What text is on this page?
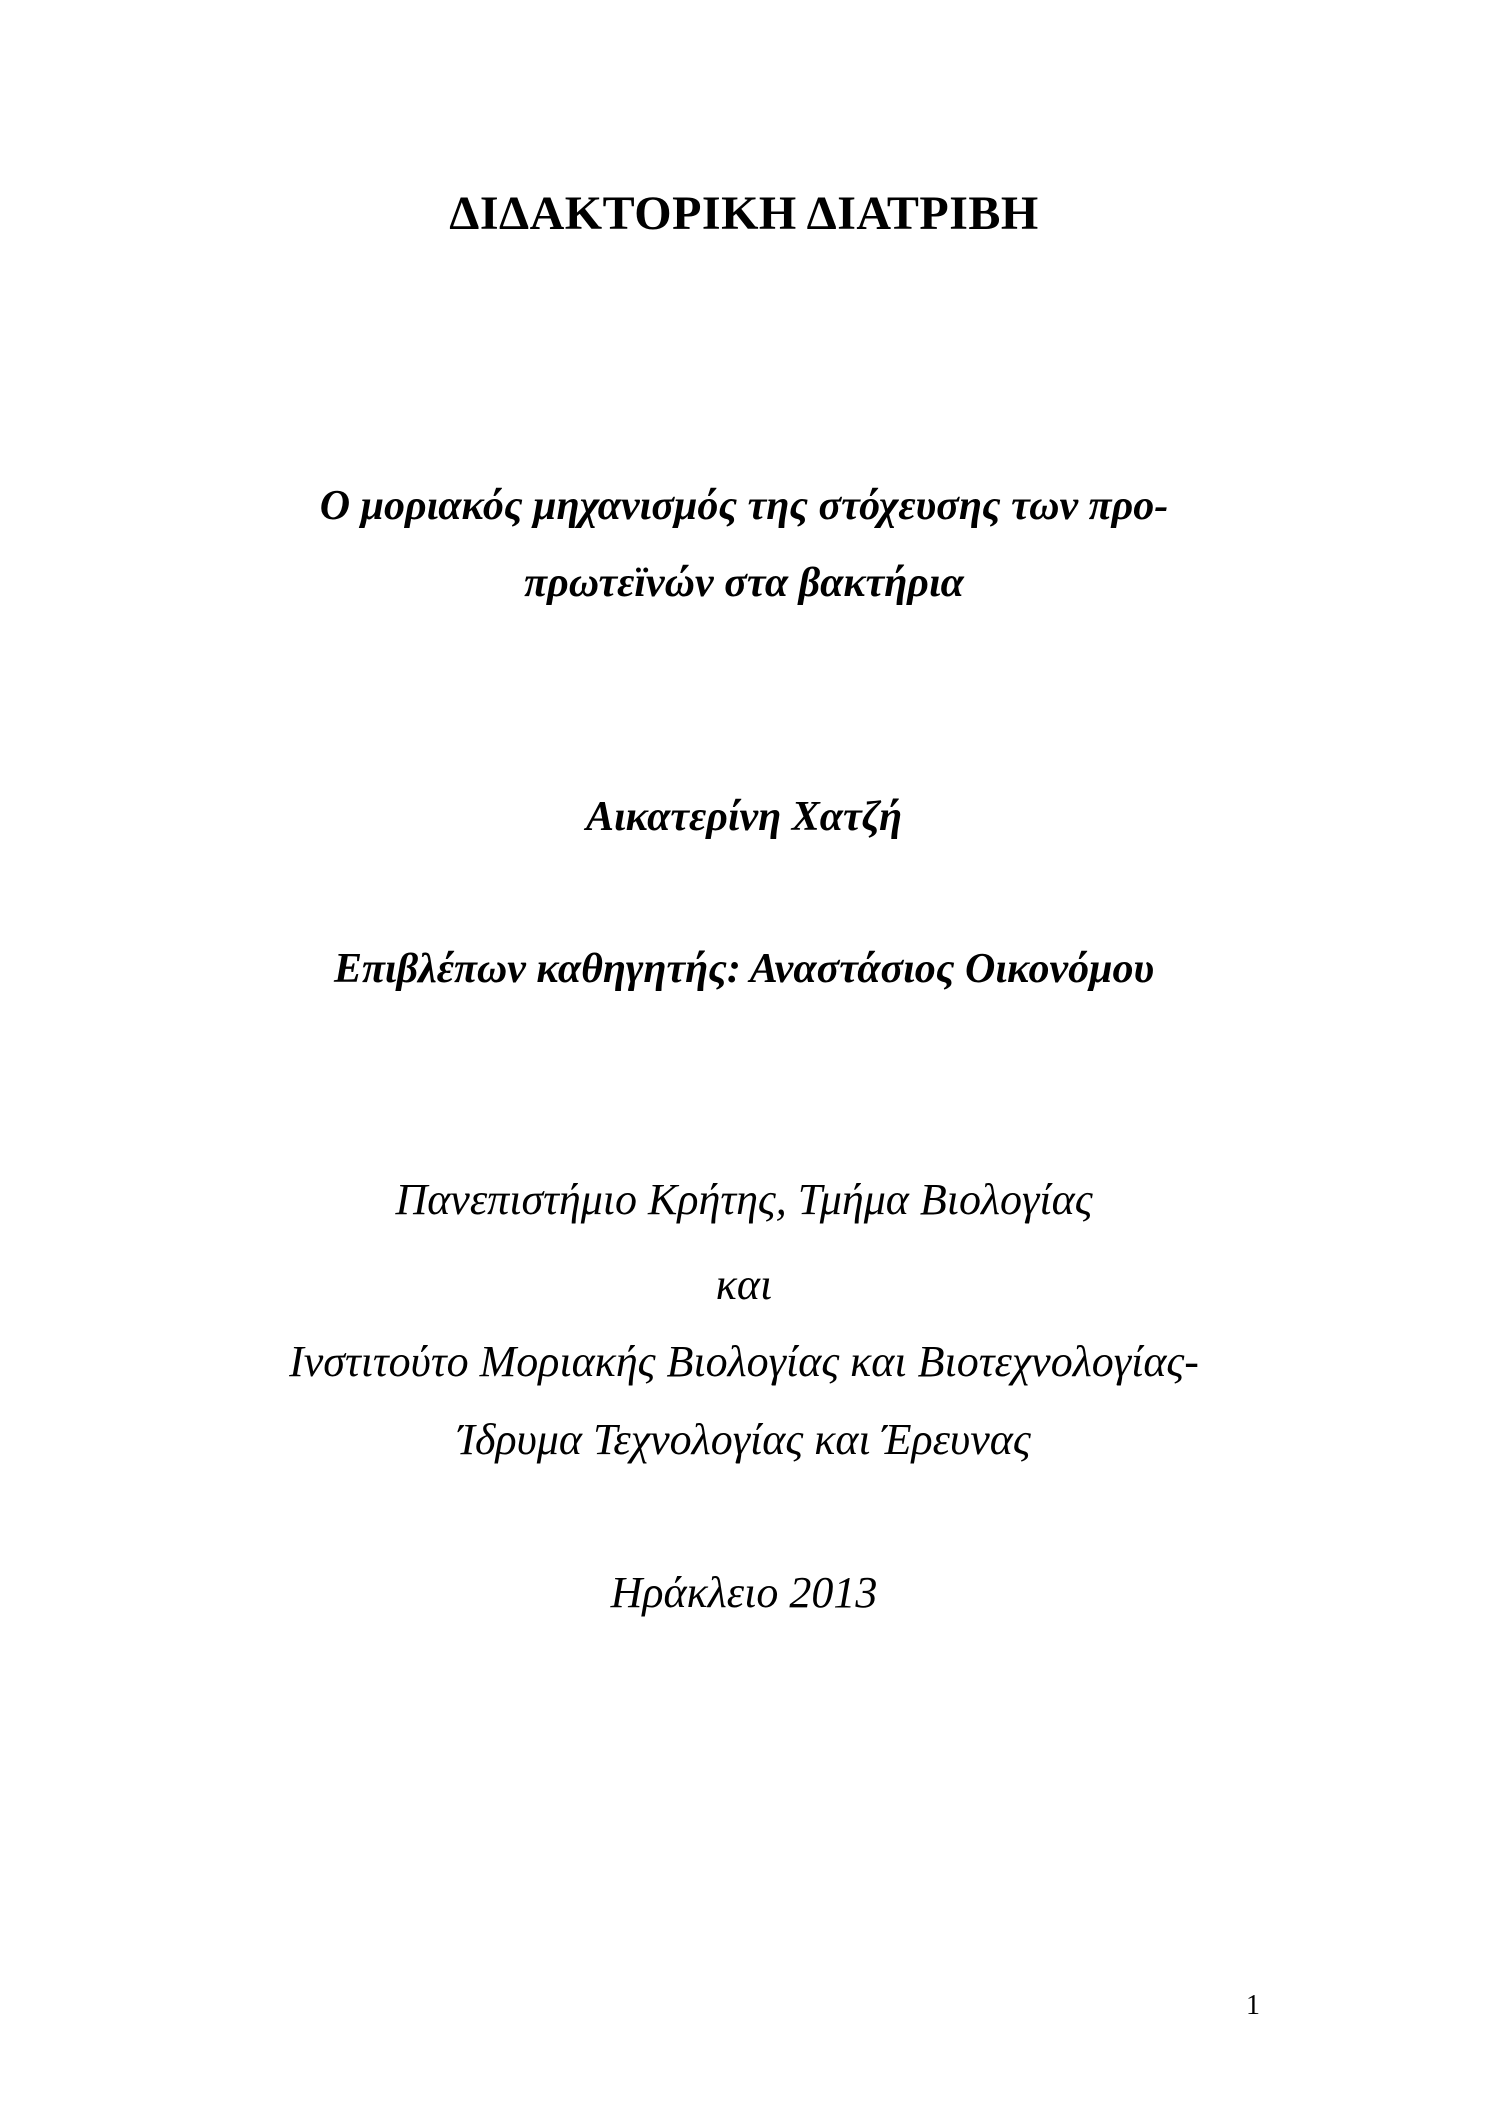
ΔΙΔΑΚΤΟΡΙΚΗ ΔΙΑΤΡΙΒΗ
Ο μοριακός μηχανισμός της στόχευσης των προ-
πρωτεϊνών στα βακτήρια
Αικατερίνη Χατζή
Επιβλέπων καθηγητής: Αναστάσιος Οικονόμου
Πανεπιστήμιο Κρήτης, Τμήμα Βιολογίας
και
Ινστιτούτο Μοριακής Βιολογίας και Βιοτεχνολογίας-
Ίδρυμα Τεχνολογίας και Έρευνας
Ηράκλειο 2013
1
